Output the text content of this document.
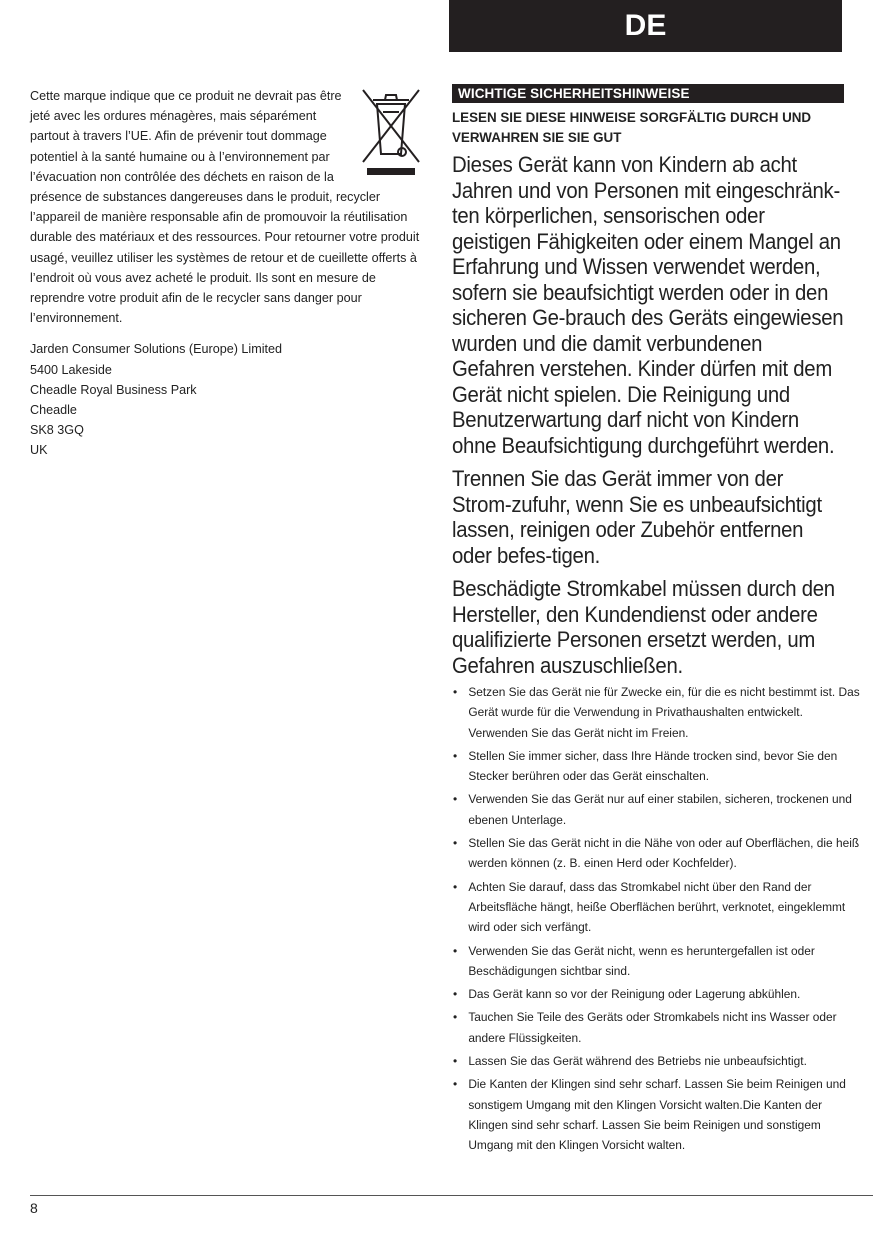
DE

Cette marque indique que ce produit ne devrait pas être jeté avec les ordures ménagères, mais séparément partout à travers l’UE. Afin de prévenir tout dommage potentiel à la santé humaine ou à l’environnement par l’évacuation non contrôlée des déchets en raison de la présence de substances dangereuses dans le produit, recycler l’appareil de manière responsable afin de promouvoir la réutilisation durable des matériaux et des ressources. Pour retourner votre produit usagé, veuillez utiliser les systèmes de retour et de cueillette offerts à l’endroit où vous avez acheté le produit. Ils sont en mesure de reprendre votre produit afin de le recycler sans danger pour l’environnement.

Jarden Consumer Solutions (Europe) Limited
5400 Lakeside
Cheadle Royal Business Park
Cheadle
SK8 3GQ
UK
WICHTIGE SICHERHEITSHINWEISE
LESEN SIE DIESE HINWEISE SORGFÄLTIG DURCH UND VERWAHREN SIE SIE GUT

Dieses Gerät kann von Kindern ab acht Jahren und von Personen mit eingeschränk-ten körperlichen, sensorischen oder geistigen Fähigkeiten oder einem Mangel an Erfahrung und Wissen verwendet werden, sofern sie beaufsichtigt werden oder in den sicheren Ge-brauch des Geräts eingewiesen wurden und die damit verbundenen Gefahren verstehen. Kinder dürfen mit dem Gerät nicht spielen. Die Reinigung und Benutzerwartung darf nicht von Kindern ohne Beaufsichtigung durchgeführt werden.

Trennen Sie das Gerät immer von der Strom-zufuhr, wenn Sie es unbeaufsichtigt lassen, reinigen oder Zubehör entfernen oder befes-tigen.

Beschädigte Stromkabel müssen durch den Hersteller, den Kundendienst oder andere qualifizierte Personen ersetzt werden, um Gefahren auszuschließen.

• Setzen Sie das Gerät nie für Zwecke ein, für die es nicht bestimmt ist. Das Gerät wurde für die Verwendung in Privathaushalten entwickelt. Verwenden Sie das Gerät nicht im Freien.
• Stellen Sie immer sicher, dass Ihre Hände trocken sind, bevor Sie den Stecker berühren oder das Gerät einschalten.
• Verwenden Sie das Gerät nur auf einer stabilen, sicheren, trockenen und ebenen Unterlage.
• Stellen Sie das Gerät nicht in die Nähe von oder auf Oberflächen, die heiß werden können (z. B. einen Herd oder Kochfelder).
• Achten Sie darauf, dass das Stromkabel nicht über den Rand der Arbeitsfläche hängt, heiße Oberflächen berührt, verknotet, eingeklemmt wird oder sich verfängt.
• Verwenden Sie das Gerät nicht, wenn es heruntergefallen ist oder Beschädigungen sichtbar sind.
• Das Gerät kann so vor der Reinigung oder Lagerung abkühlen.
• Tauchen Sie Teile des Geräts oder Stromkabels nicht ins Wasser oder andere Flüssigkeiten.
• Lassen Sie das Gerät während des Betriebs nie unbeaufsichtigt.
• Die Kanten der Klingen sind sehr scharf. Lassen Sie beim Reinigen und sonstigem Umgang mit den Klingen Vorsicht walten.Die Kanten der Klingen sind sehr scharf. Lassen Sie beim Reinigen und sonstigem Umgang mit den Klingen Vorsicht walten.
8
